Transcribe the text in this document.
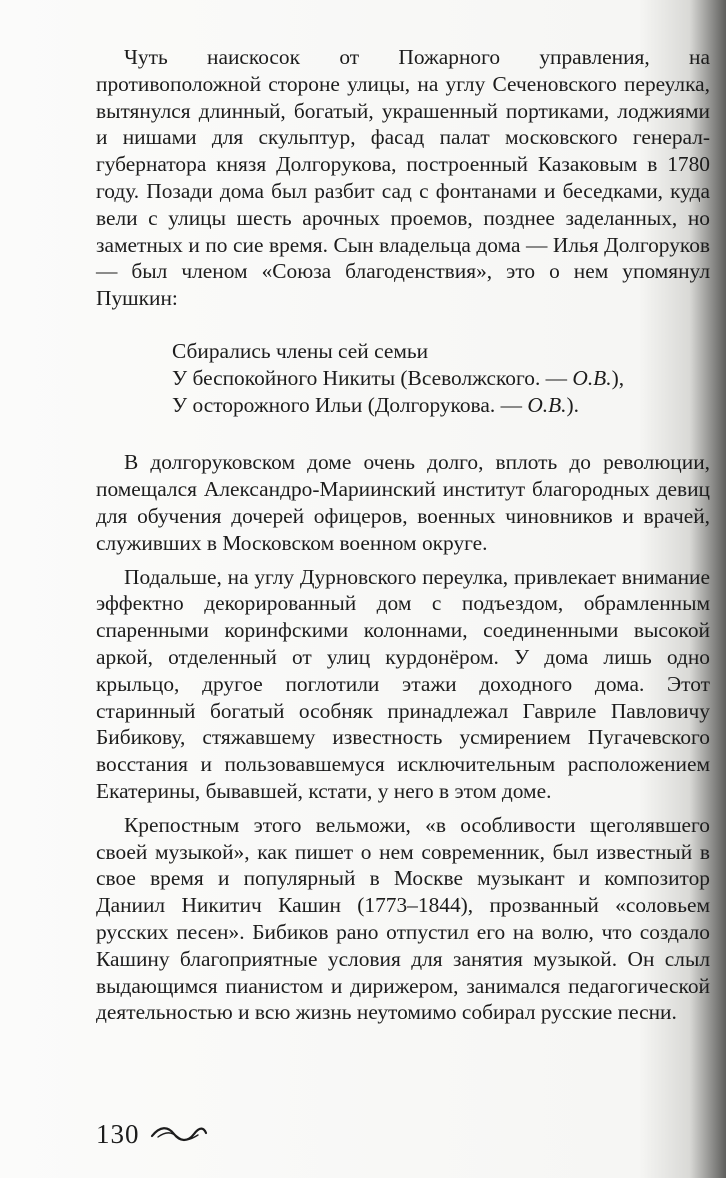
Чуть наискосок от Пожарного управления, на противоположной стороне улицы, на углу Сеченовского переулка, вытянулся длинный, богатый, украшенный портиками, лоджиями и нишами для скульптур, фасад палат московского генерал-губернатора князя Долгорукова, построенный Казаковым в 1780 году. Позади дома был разбит сад с фонтанами и беседками, куда вели с улицы шесть арочных проемов, позднее заделанных, но заметных и по сие время. Сын владельца дома — Илья Долгоруков — был членом «Союза благоденствия», это о нем упомянул Пушкин:

Сбирались члены сей семьи
У беспокойного Никиты (Всеволжского. — О.В.),
У осторожного Ильи (Долгорукова. — О.В.).

В долгоруковском доме очень долго, вплоть до революции, помещался Александро-Мариинский институт благородных девиц для обучения дочерей офицеров, военных чиновников и врачей, служивших в Московском военном округе.

Подальше, на углу Дурновского переулка, привлекает внимание эффектно декорированный дом с подъездом, обрамленным спаренными коринфскими колоннами, соединенными высокой аркой, отделенный от улиц курдонёром. У дома лишь одно крыльцо, другое поглотили этажи доходного дома. Этот старинный богатый особняк принадлежал Гавриле Павловичу Бибикову, стяжавшему известность усмирением Пугачевского восстания и пользовавшемуся исключительным расположением Екатерины, бывавшей, кстати, у него в этом доме.

Крепостным этого вельможи, «в особливости щеголявшего своей музыкой», как пишет о нем современник, был известный в свое время и популярный в Москве музыкант и композитор Даниил Никитич Кашин (1773–1844), прозванный «соловьем русских песен». Бибиков рано отпустил его на волю, что создало Кашину благоприятные условия для занятия музыкой. Он слыл выдающимся пианистом и дирижером, занимался педагогической деятельностью и всю жизнь неутомимо собирал русские песни.

130
